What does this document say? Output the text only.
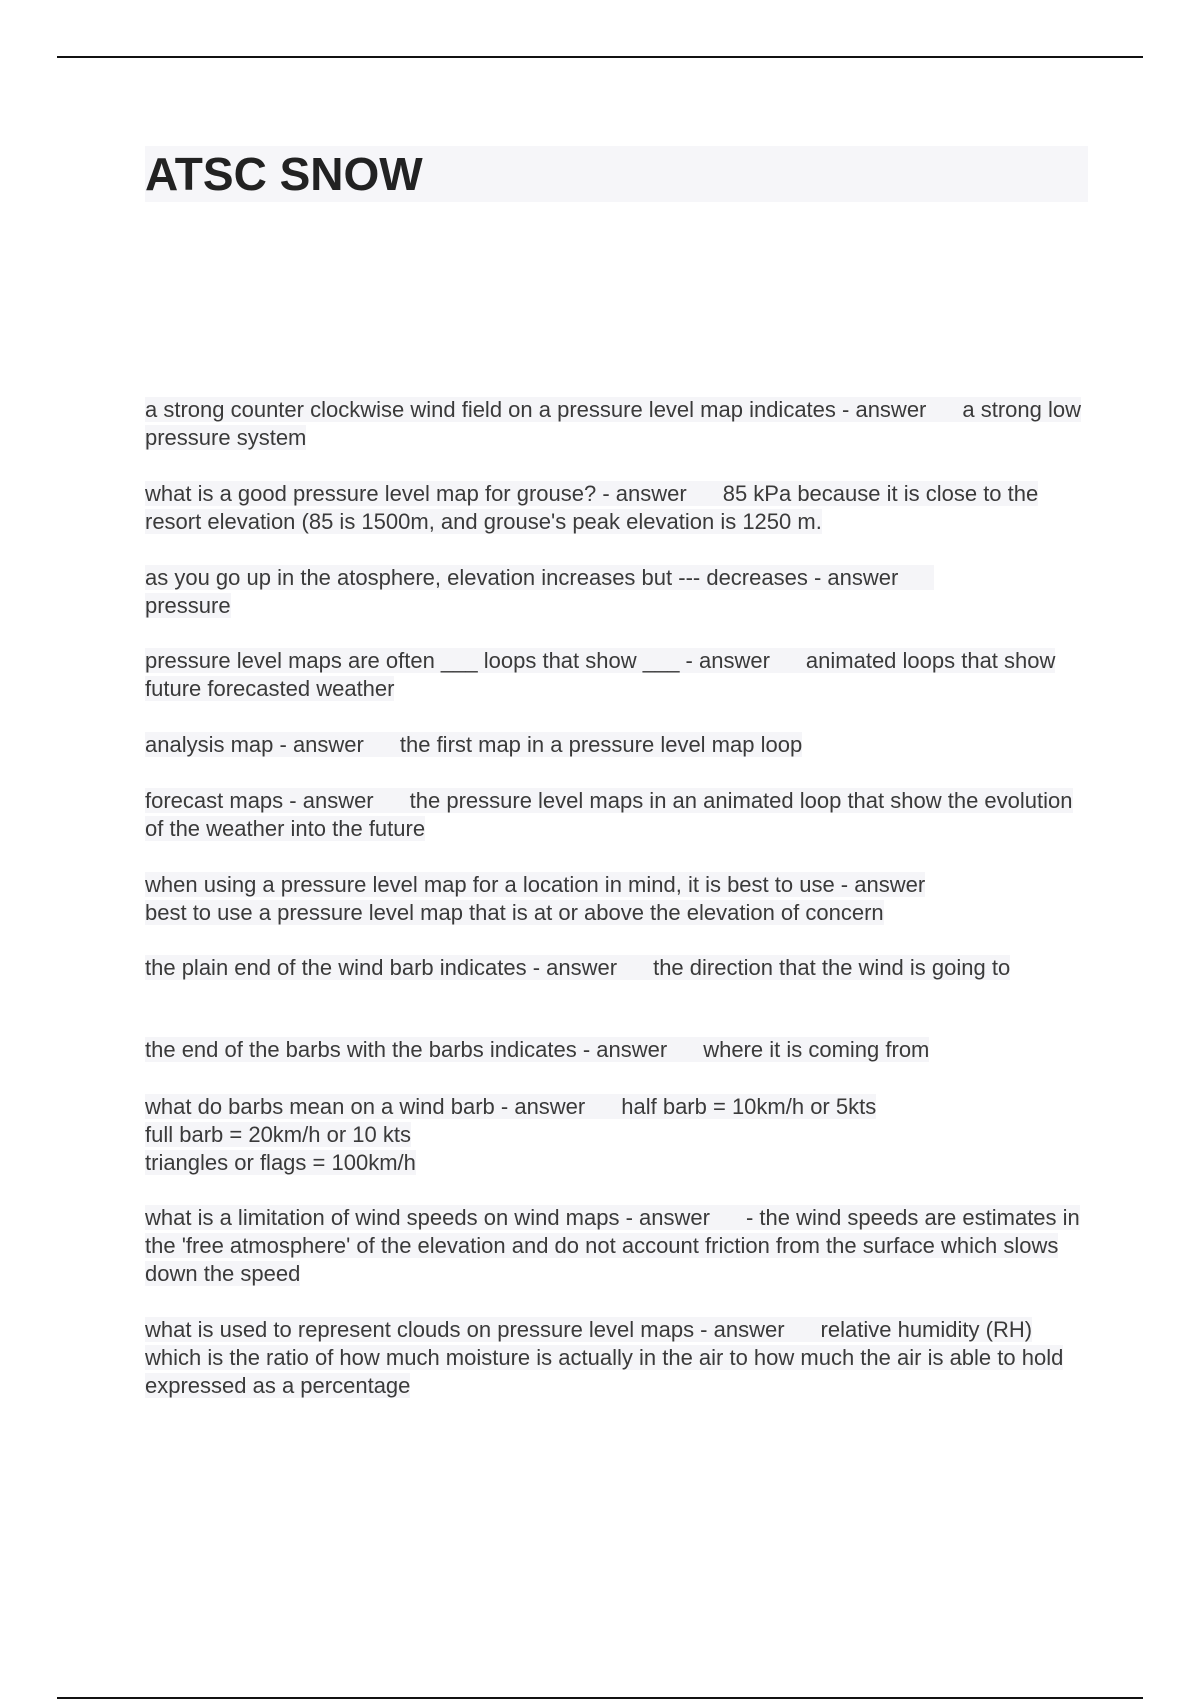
ATSC SNOW
a strong counter clockwise wind field on a pressure level map indicates - answer a strong low pressure system
what is a good pressure level map for grouse? - answer 85 kPa because it is close to the resort elevation (85 is 1500m, and grouse's peak elevation is 1250 m.
as you go up in the atosphere, elevation increases but --- decreases - answer
pressure
pressure level maps are often ___ loops that show ___ - answer animated loops that show future forecasted weather
analysis map - answer the first map in a pressure level map loop
forecast maps - answer the pressure level maps in an animated loop that show the evolution of the weather into the future
when using a pressure level map for a location in mind, it is best to use - answer
best to use a pressure level map that is at or above the elevation of concern
the plain end of the wind barb indicates - answer the direction that the wind is going to
the end of the barbs with the barbs indicates - answer where it is coming from
what do barbs mean on a wind barb - answer half barb = 10km/h or 5kts
full barb = 20km/h or 10 kts
triangles or flags = 100km/h
what is a limitation of wind speeds on wind maps - answer - the wind speeds are estimates in the 'free atmosphere' of the elevation and do not account friction from the surface which slows down the speed
what is used to represent clouds on pressure level maps - answer relative humidity (RH) which is the ratio of how much moisture is actually in the air to how much the air is able to hold expressed as a percentage
